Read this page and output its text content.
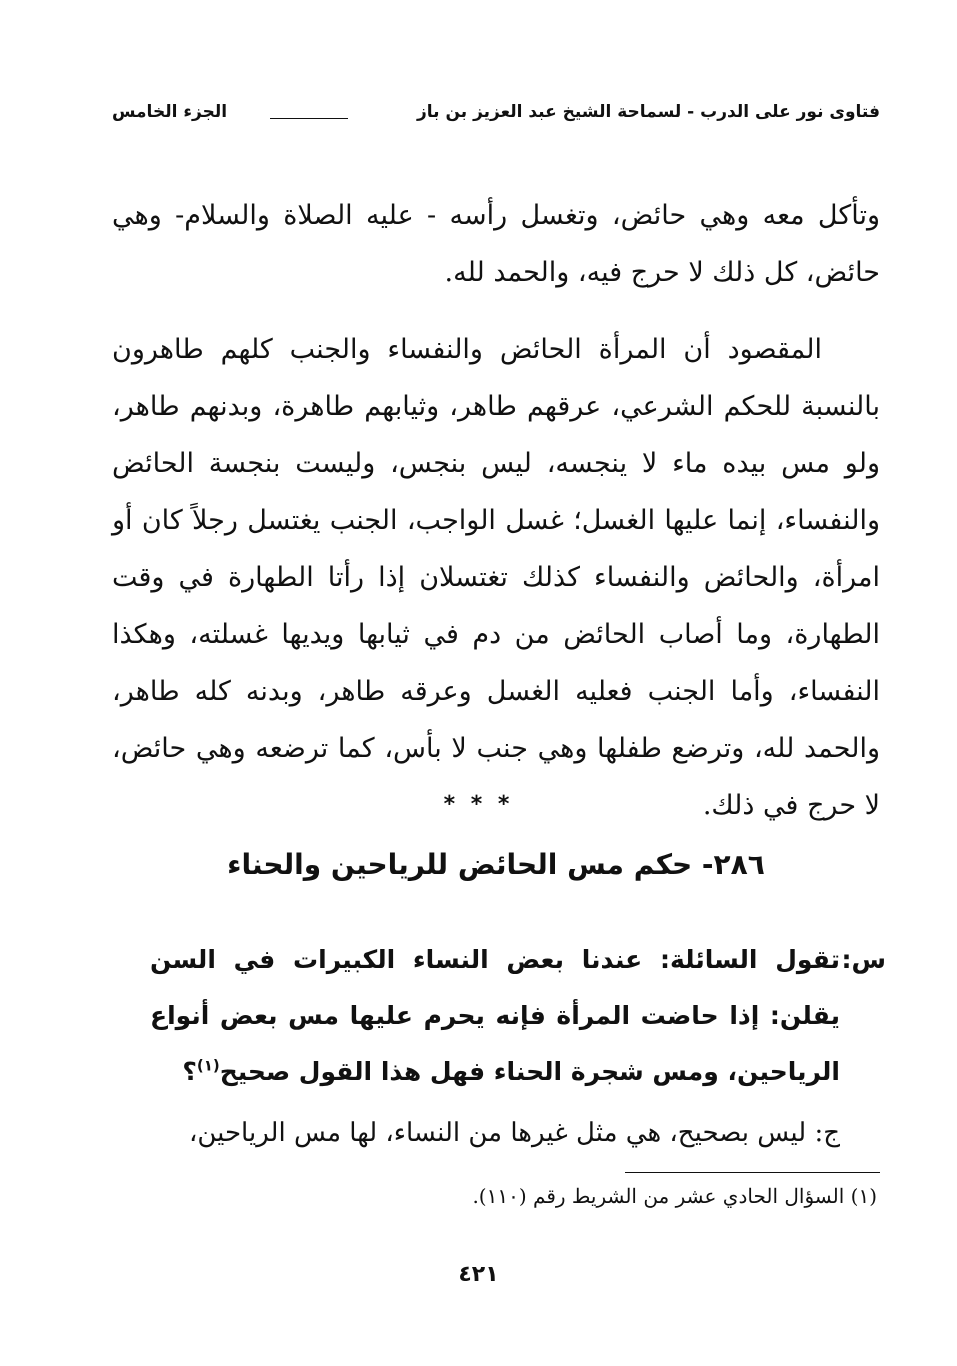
فتاوى نور على الدرب - لسماحة الشيخ عبد العزيز بن باز
الجزء الخامس

وتأكل معه وهي حائض، وتغسل رأسه - عليه الصلاة والسلام- وهي حائض، كل ذلك لا حرج فيه، والحمد لله.

المقصود أن المرأة الحائض والنفساء والجنب كلهم طاهرون بالنسبة للحكم الشرعي، عرقهم طاهر، وثيابهم طاهرة، وبدنهم طاهر، ولو مس بيده ماء لا ينجسه، ليس بنجس، وليست بنجسة الحائض والنفساء، إنما عليها الغسل؛ غسل الواجب، الجنب يغتسل رجلاً كان أو امرأة، والحائض والنفساء كذلك تغتسلان إذا رأتا الطهارة في وقت الطهارة، وما أصاب الحائض من دم في ثيابها ويديها غسلته، وهكذا النفساء، وأما الجنب فعليه الغسل وعرقه طاهر، وبدنه كله طاهر، والحمد لله، وترضع طفلها وهي جنب لا بأس، كما ترضعه وهي حائض، لا حرج في ذلك.

* * *
٢٨٦- حكم مس الحائض للرياحين والحناء
س:
تقول السائلة: عندنا بعض النساء الكبيرات في السن يقلن: إذا حاضت المرأة فإنه يحرم عليها مس بعض أنواع الرياحين، ومس شجرة الحناء فهل هذا القول صحيح$^{(١)}$؟
ج: ليس بصحيح، هي مثل غيرها من النساء، لها مس الرياحين،
(١) السؤال الحادي عشر من الشريط رقم (١١٠).
٤٢١
